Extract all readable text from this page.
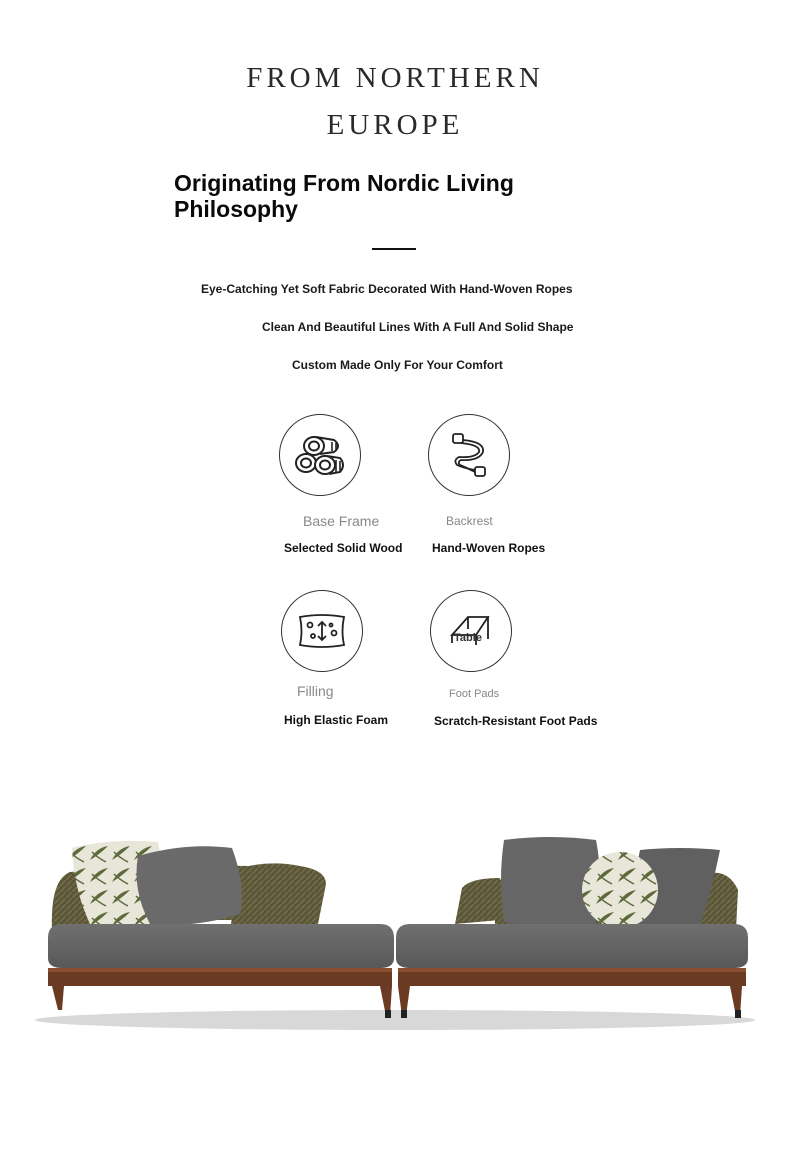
FROM NORTHERN
EUROPE
Originating From Nordic Living Philosophy
Eye-Catching Yet Soft Fabric Decorated With Hand-Woven Ropes
Clean And Beautiful Lines With A Full And Solid Shape
Custom Made Only For Your Comfort
Base Frame
Selected Solid Wood
Backrest
Hand-Woven Ropes
Filling
High Elastic Foam
Table
Foot Pads
Scratch-Resistant Foot Pads
